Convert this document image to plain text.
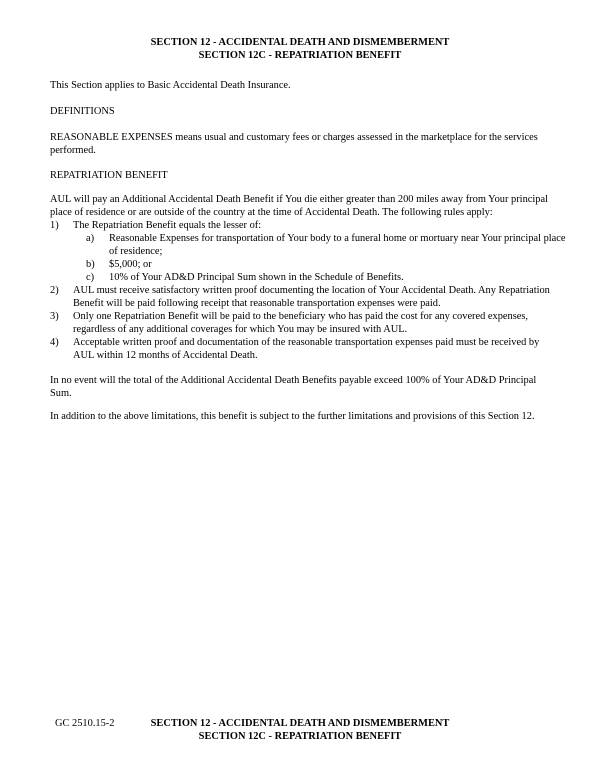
SECTION 12 - ACCIDENTAL DEATH AND DISMEMBERMENT
SECTION 12C - REPATRIATION BENEFIT
This Section applies to Basic Accidental Death Insurance.
DEFINITIONS
REASONABLE EXPENSES means usual and customary fees or charges assessed in the marketplace for the services performed.
REPATRIATION BENEFIT
AUL will pay an Additional Accidental Death Benefit if You die either greater than 200 miles away from Your principal place of residence or are outside of the country at the time of Accidental Death. The following rules apply:
1)	The Repatriation Benefit equals the lesser of:
a)	Reasonable Expenses for transportation of Your body to a funeral home or mortuary near Your principal place of residence;
b)	$5,000; or
c)	10% of Your AD&D Principal Sum shown in the Schedule of Benefits.
2)	AUL must receive satisfactory written proof documenting the location of Your Accidental Death. Any Repatriation Benefit will be paid following receipt that reasonable transportation expenses were paid.
3)	Only one Repatriation Benefit will be paid to the beneficiary who has paid the cost for any covered expenses, regardless of any additional coverages for which You may be insured with AUL.
4)	Acceptable written proof and documentation of the reasonable transportation expenses paid must be received by AUL within 12 months of Accidental Death.
In no event will the total of the Additional Accidental Death Benefits payable exceed 100% of Your AD&D Principal Sum.
In addition to the above limitations, this benefit is subject to the further limitations and provisions of this Section 12.
GC 2510.15-2	SECTION 12 - ACCIDENTAL DEATH AND DISMEMBERMENT
SECTION 12C - REPATRIATION BENEFIT
